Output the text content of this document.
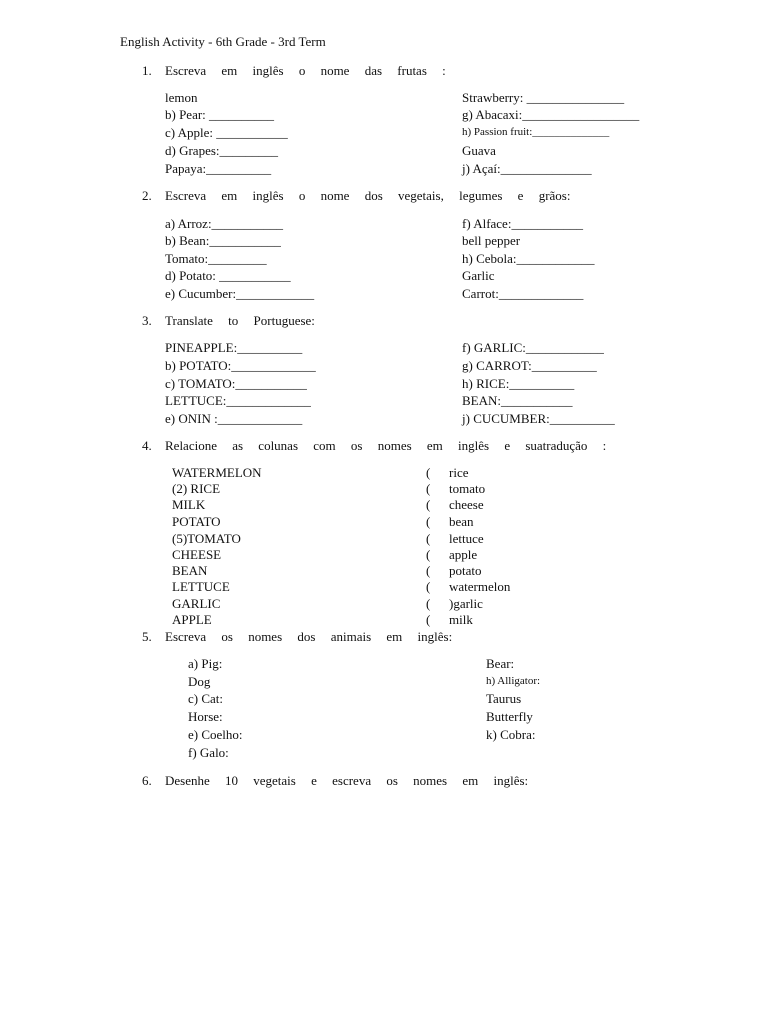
English Activity - 6th Grade - 3rd Term
1. Escreva em inglês o nome das frutas :
lemon
b) Pear: __________
c) Apple: ___________
d) Grapes:_________
Papaya:__________
Strawberry: _______________
g) Abacaxi:__________________
h) Passion fruit:______________
Guava
j) Açaí:______________
2. Escreva em inglês o nome dos vegetais, legumes e grãos:
a) Arroz:___________
b) Bean:___________
Tomato:_________
d) Potato: ___________
e) Cucumber:____________
f) Alface:___________
bell pepper
h) Cebola:____________
Garlic
Carrot:_____________
3. Translate to Portuguese:
PINEAPPLE:__________
b) POTATO:_____________
c) TOMATO:___________
LETTUCE:_____________
e) ONIN :_____________
f) GARLIC:____________
g) CARROT:__________
h) RICE:__________
BEAN:___________
j) CUCUMBER:__________
4. Relacione as colunas com os nomes em inglês e suatradução :
WATERMELON
(2) RICE
MILK
POTATO
(5)TOMATO
CHEESE
BEAN
LETTUCE
GARLIC
APPLE
(
(
(
(
(
(
(
(
(
(
rice
tomato
cheese
bean
lettuce
apple
potato
watermelon
)garlic
milk
5. Escreva os nomes dos animais em inglês:
a) Pig:
Dog
c) Cat:
Horse:
e) Coelho:
f) Galo:
Bear:
h) Alligator:
Taurus
Butterfly
k) Cobra:
6. Desenhe 10 vegetais e escreva os nomes em inglês:
